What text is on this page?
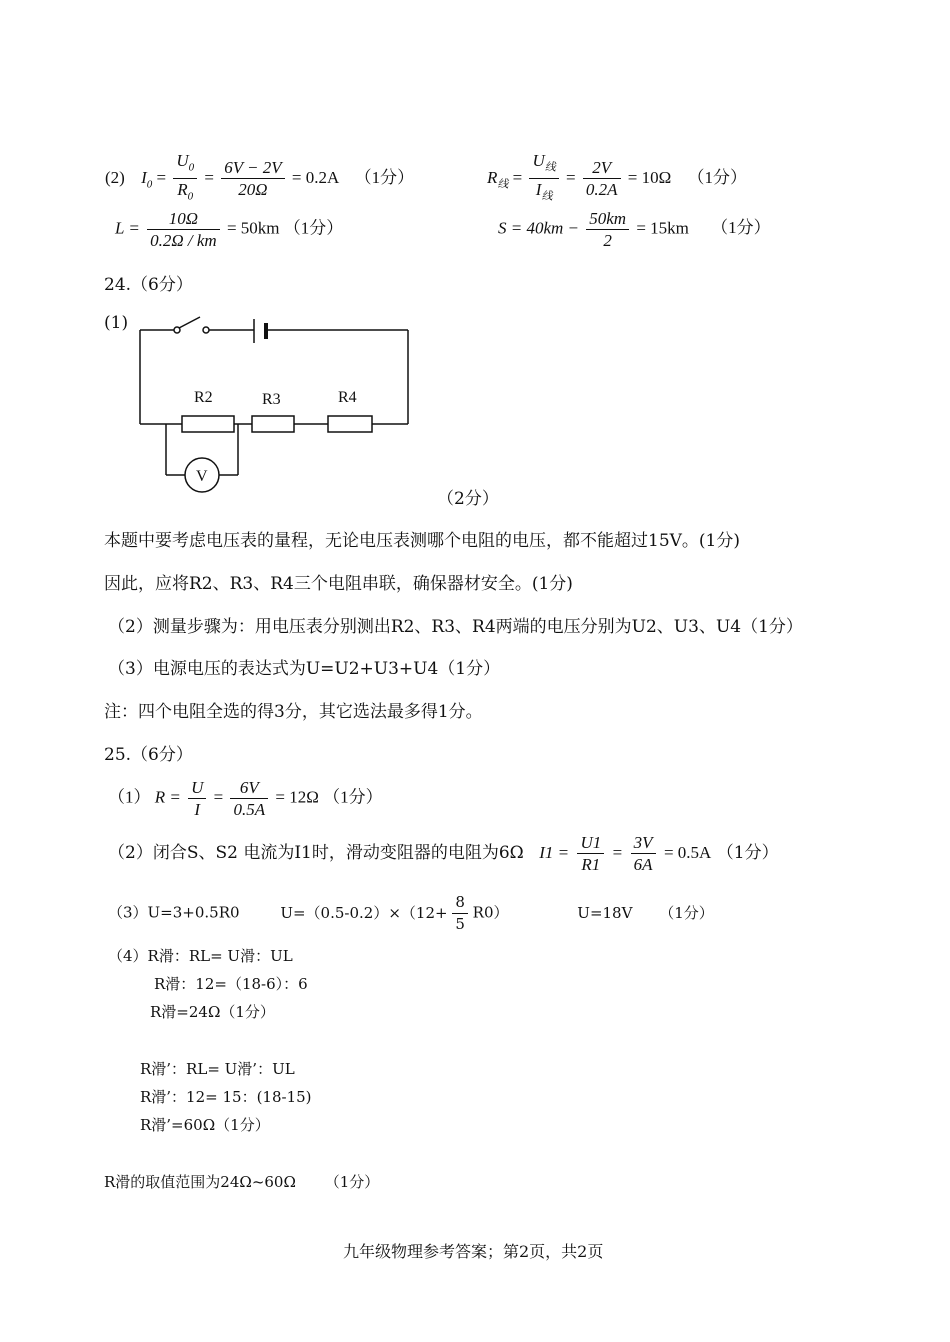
(2) $I_0 = \frac{U_0}{R_0} = \frac{6V - 2V}{20\Omega} = 0.2A$ （1分）	$R_线 = \frac{U_线}{I_线} = \frac{2V}{0.2A} = 10\Omega$ （1分）
$L = \frac{10\Omega}{0.2\Omega / km} = 50km$ （1分）	$S = 40km - \frac{50km}{2} = 15km$ （1分）
24.（6分）
(1)
R2	R3	R4
V
（2分）
本题中要考虑电压表的量程，无论电压表测哪个电阻的电压，都不能超过15V。(1分)
因此，应将R2、R3、R4三个电阻串联，确保器材安全。(1分)
（2）测量步骤为：用电压表分别测出R2、R3、R4两端的电压分别为U2、U3、U4（1分）
（3）电源电压的表达式为U=U2+U3+U4（1分）
注：四个电阻全选的得3分，其它选法最多得1分。
25.（6分）
（1） $R = \frac{U}{I} = \frac{6V}{0.5A} = 12\Omega$ （1分）
（2）闭合S、S2 电流为I1时，滑动变阻器的电阻为6Ω $I1 = \frac{U1}{R1} = \frac{3V}{6A} = 0.5A$ （1分）
（3）U=3+0.5R0	$U=(0.5-0.2)\times(12+ \frac{8}{5} R0)$	U=18V （1分）
（4）R滑：RL= U滑：UL
R滑：12=（18-6）：6
R滑=24Ω（1分）
R滑’：RL= U滑’：UL
R滑’：12= 15：(18-15)
R滑’=60Ω（1分）
R滑的取值范围为24Ω~60Ω （1分）
九年级物理参考答案；第2页，共2页
